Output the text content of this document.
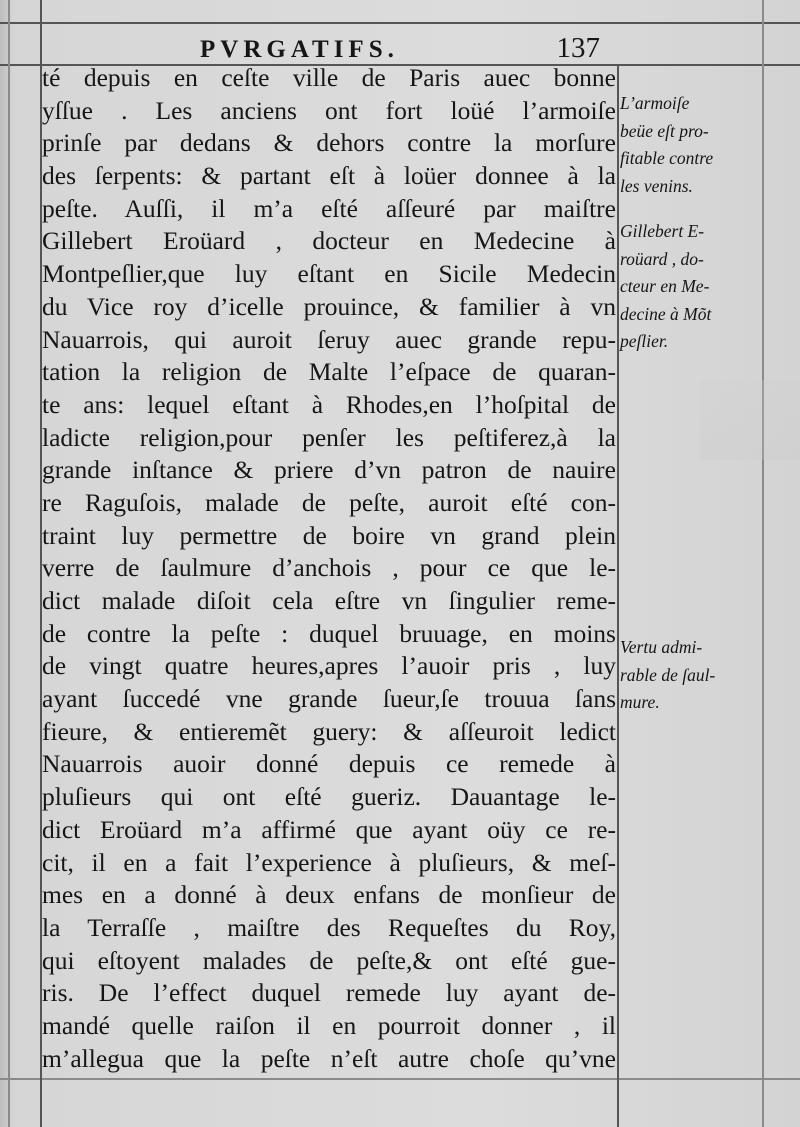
PVRGATIFS.	137
té depuis en ceſte ville de Paris auec bonne
yſſue . Les anciens ont fort loüé l’armoiſe
prinſe par dedans & dehors contre la morſure
des ſerpents: & partant eſt à loüer donnee à la
peſte. Auſſi, il m’a eſté aſſeuré par maiſtre
Gillebert Eroüard , docteur en Medecine à
Montpeſlier,que luy eſtant en Sicile Medecin
du Vice roy d’icelle prouince, & familier à vn
Nauarrois, qui auroit ſeruy auec grande repu-
tation la religion de Malte l’eſpace de quaran-
te ans: lequel eſtant à Rhodes,en l’hoſpital de
ladicte religion,pour penſer les peſtiferez,à la
grande inſtance & priere d’vn patron de nauire
re Raguſois, malade de peſte, auroit eſté con-
traint luy permettre de boire vn grand plein
verre de ſaulmure d’anchois , pour ce que le-
dict malade diſoit cela eſtre vn ſingulier reme-
de contre la peſte : duquel bruuage, en moins
de vingt quatre heures,apres l’auoir pris , luy
ayant ſuccedé vne grande ſueur,ſe trouua ſans
fieure, & entieremẽt guery: & aſſeuroit ledict
Nauarrois auoir donné depuis ce remede à
pluſieurs qui ont eſté gueriz. Dauantage le-
dict Eroüard m’a affirmé que ayant oüy ce re-
cit, il en a fait l’experience à pluſieurs, & meſ-
mes en a donné à deux enfans de monſieur de
la Terraſſe , maiſtre des Requeſtes du Roy,
qui eſtoyent malades de peſte,& ont eſté gue-
ris. De l’effect duquel remede luy ayant de-
mandé quelle raiſon il en pourroit donner , il
m’allegua que la peſte n’eſt autre choſe qu’vne
L’armoiſe
beüe eſt pro-
fitable contre
les venins.
Gillebert E-
roüard , do-
cteur en Me-
decine à Mõt
peſlier.
Vertu admi-
rable de ſaul-
mure.
